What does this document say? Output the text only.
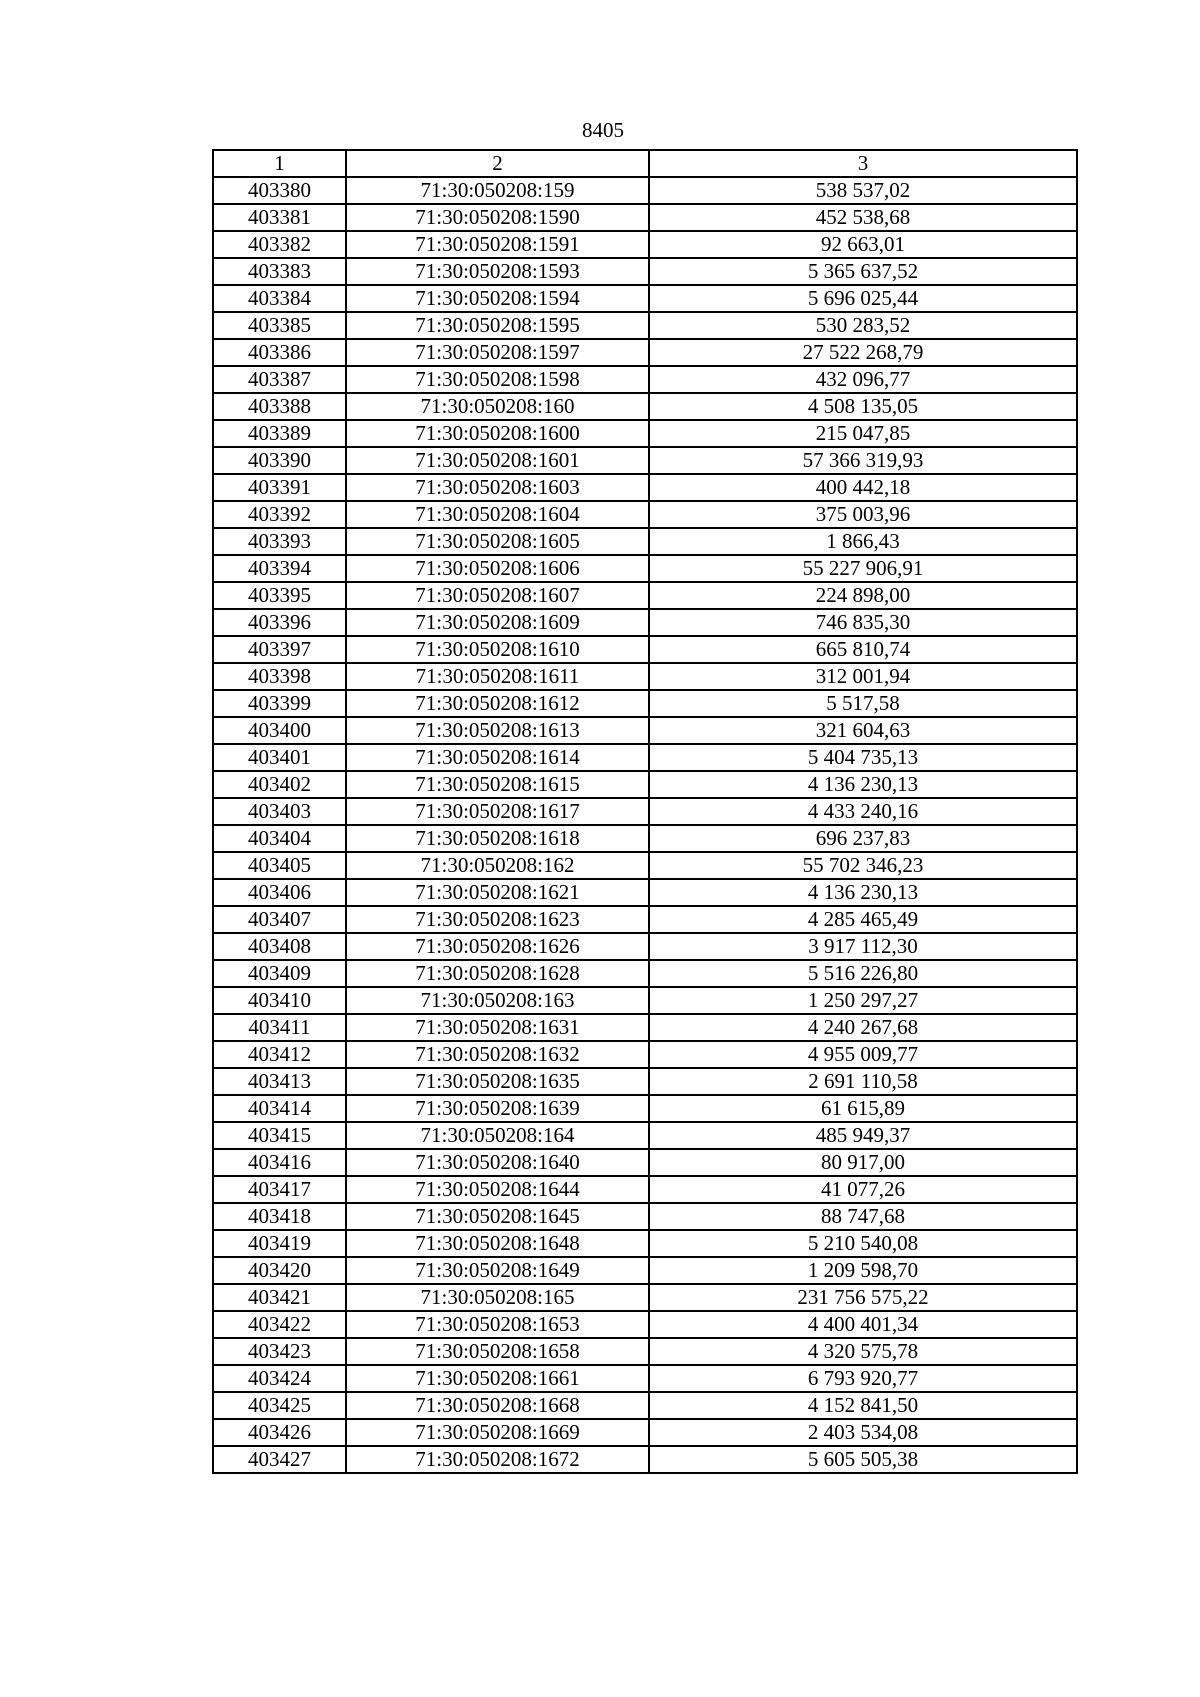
8405
1	2	3
403380	71:30:050208:159	538 537,02
403381	71:30:050208:1590	452 538,68
403382	71:30:050208:1591	92 663,01
403383	71:30:050208:1593	5 365 637,52
403384	71:30:050208:1594	5 696 025,44
403385	71:30:050208:1595	530 283,52
403386	71:30:050208:1597	27 522 268,79
403387	71:30:050208:1598	432 096,77
403388	71:30:050208:160	4 508 135,05
403389	71:30:050208:1600	215 047,85
403390	71:30:050208:1601	57 366 319,93
403391	71:30:050208:1603	400 442,18
403392	71:30:050208:1604	375 003,96
403393	71:30:050208:1605	1 866,43
403394	71:30:050208:1606	55 227 906,91
403395	71:30:050208:1607	224 898,00
403396	71:30:050208:1609	746 835,30
403397	71:30:050208:1610	665 810,74
403398	71:30:050208:1611	312 001,94
403399	71:30:050208:1612	5 517,58
403400	71:30:050208:1613	321 604,63
403401	71:30:050208:1614	5 404 735,13
403402	71:30:050208:1615	4 136 230,13
403403	71:30:050208:1617	4 433 240,16
403404	71:30:050208:1618	696 237,83
403405	71:30:050208:162	55 702 346,23
403406	71:30:050208:1621	4 136 230,13
403407	71:30:050208:1623	4 285 465,49
403408	71:30:050208:1626	3 917 112,30
403409	71:30:050208:1628	5 516 226,80
403410	71:30:050208:163	1 250 297,27
403411	71:30:050208:1631	4 240 267,68
403412	71:30:050208:1632	4 955 009,77
403413	71:30:050208:1635	2 691 110,58
403414	71:30:050208:1639	61 615,89
403415	71:30:050208:164	485 949,37
403416	71:30:050208:1640	80 917,00
403417	71:30:050208:1644	41 077,26
403418	71:30:050208:1645	88 747,68
403419	71:30:050208:1648	5 210 540,08
403420	71:30:050208:1649	1 209 598,70
403421	71:30:050208:165	231 756 575,22
403422	71:30:050208:1653	4 400 401,34
403423	71:30:050208:1658	4 320 575,78
403424	71:30:050208:1661	6 793 920,77
403425	71:30:050208:1668	4 152 841,50
403426	71:30:050208:1669	2 403 534,08
403427	71:30:050208:1672	5 605 505,38
